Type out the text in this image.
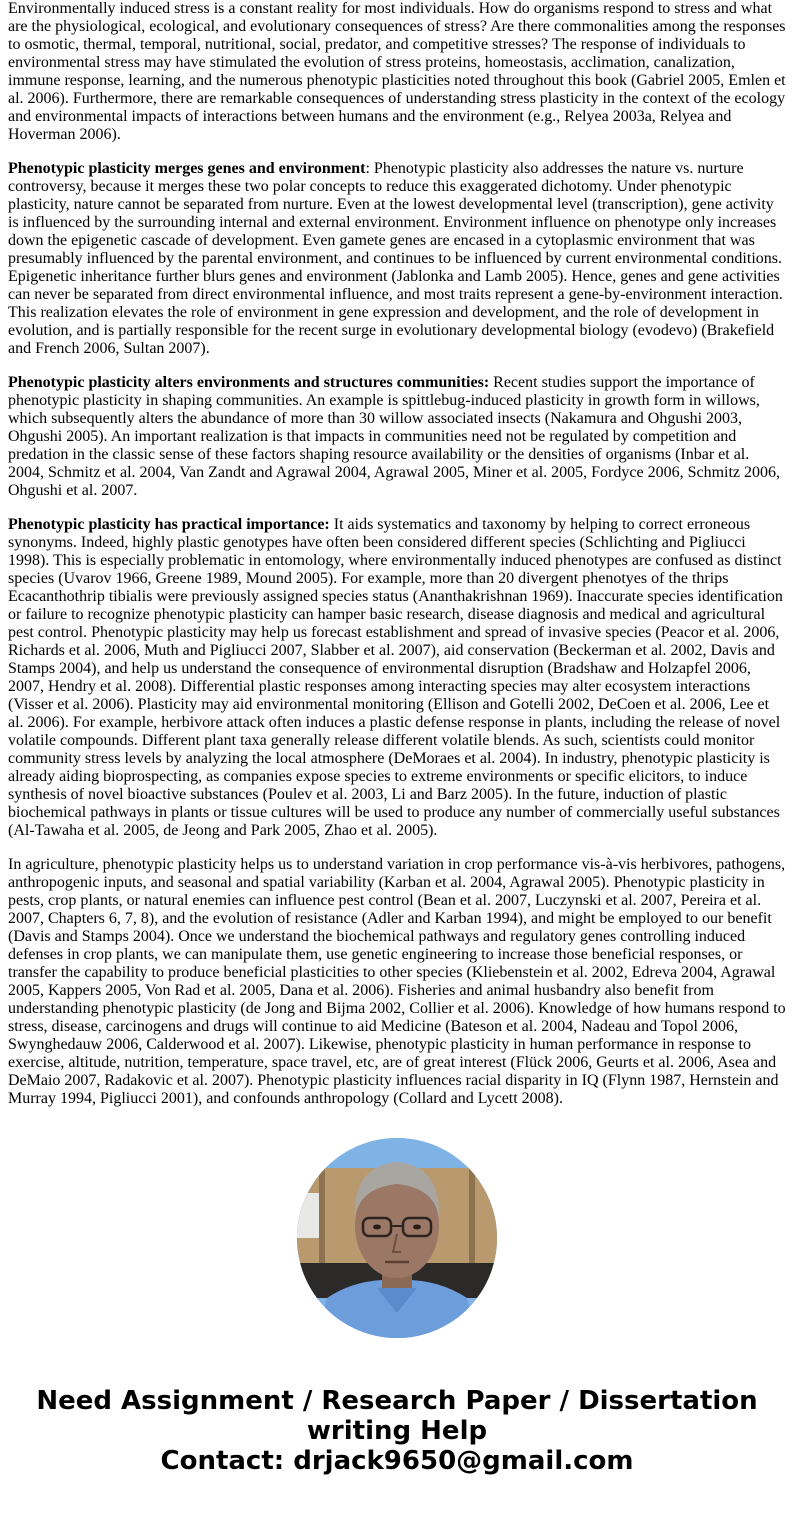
Environmentally induced stress is a constant reality for most individuals. How do organisms respond to stress and what are the physiological, ecological, and evolutionary consequences of stress? Are there commonalities among the responses to osmotic, thermal, temporal, nutritional, social, predator, and competitive stresses? The response of individuals to environmental stress may have stimulated the evolution of stress proteins, homeostasis, acclimation, canalization, immune response, learning, and the numerous phenotypic plasticities noted throughout this book (Gabriel 2005, Emlen et al. 2006). Furthermore, there are remarkable consequences of understanding stress plasticity in the context of the ecology and environmental impacts of interactions between humans and the environment (e.g., Relyea 2003a, Relyea and Hoverman 2006).

Phenotypic plasticity merges genes and environment: Phenotypic plasticity also addresses the nature vs. nurture controversy, because it merges these two polar concepts to reduce this exaggerated dichotomy. Under phenotypic plasticity, nature cannot be separated from nurture. Even at the lowest developmental level (transcription), gene activity is influenced by the surrounding internal and external environment. Environment influence on phenotype only increases down the epigenetic cascade of development. Even gamete genes are encased in a cytoplasmic environment that was presumably influenced by the parental environment, and continues to be influenced by current environmental conditions. Epigenetic inheritance further blurs genes and environment (Jablonka and Lamb 2005). Hence, genes and gene activities can never be separated from direct environmental influence, and most traits represent a gene-by-environment interaction. This realization elevates the role of environment in gene expression and development, and the role of development in evolution, and is partially responsible for the recent surge in evolutionary developmental biology (evodevo) (Brakefield and French 2006, Sultan 2007).

Phenotypic plasticity alters environments and structures communities: Recent studies support the importance of phenotypic plasticity in shaping communities. An example is spittlebug-induced plasticity in growth form in willows, which subsequently alters the abundance of more than 30 willow associated insects (Nakamura and Ohgushi 2003, Ohgushi 2005). An important realization is that impacts in communities need not be regulated by competition and predation in the classic sense of these factors shaping resource availability or the densities of organisms (Inbar et al. 2004, Schmitz et al. 2004, Van Zandt and Agrawal 2004, Agrawal 2005, Miner et al. 2005, Fordyce 2006, Schmitz 2006, Ohgushi et al. 2007.

Phenotypic plasticity has practical importance: It aids systematics and taxonomy by helping to correct erroneous synonyms. Indeed, highly plastic genotypes have often been considered different species (Schlichting and Pigliucci 1998). This is especially problematic in entomology, where environmentally induced phenotypes are confused as distinct species (Uvarov 1966, Greene 1989, Mound 2005). For example, more than 20 divergent phenotyes of the thrips Ecacanthothrip tibialis were previously assigned species status (Ananthakrishnan 1969). Inaccurate species identification or failure to recognize phenotypic plasticity can hamper basic research, disease diagnosis and medical and agricultural pest control. Phenotypic plasticity may help us forecast establishment and spread of invasive species (Peacor et al. 2006, Richards et al. 2006, Muth and Pigliucci 2007, Slabber et al. 2007), aid conservation (Beckerman et al. 2002, Davis and Stamps 2004), and help us understand the consequence of environmental disruption (Bradshaw and Holzapfel 2006, 2007, Hendry et al. 2008). Differential plastic responses among interacting species may alter ecosystem interactions (Visser et al. 2006). Plasticity may aid environmental monitoring (Ellison and Gotelli 2002, DeCoen et al. 2006, Lee et al. 2006). For example, herbivore attack often induces a plastic defense response in plants, including the release of novel volatile compounds. Different plant taxa generally release different volatile blends. As such, scientists could monitor community stress levels by analyzing the local atmosphere (DeMoraes et al. 2004). In industry, phenotypic plasticity is already aiding bioprospecting, as companies expose species to extreme environments or specific elicitors, to induce synthesis of novel bioactive substances (Poulev et al. 2003, Li and Barz 2005). In the future, induction of plastic biochemical pathways in plants or tissue cultures will be used to produce any number of commercially useful substances (Al-Tawaha et al. 2005, de Jeong and Park 2005, Zhao et al. 2005).

In agriculture, phenotypic plasticity helps us to understand variation in crop performance vis-à-vis herbivores, pathogens, anthropogenic inputs, and seasonal and spatial variability (Karban et al. 2004, Agrawal 2005). Phenotypic plasticity in pests, crop plants, or natural enemies can influence pest control (Bean et al. 2007, Luczynski et al. 2007, Pereira et al. 2007, Chapters 6, 7, 8), and the evolution of resistance (Adler and Karban 1994), and might be employed to our benefit (Davis and Stamps 2004). Once we understand the biochemical pathways and regulatory genes controlling induced defenses in crop plants, we can manipulate them, use genetic engineering to increase those beneficial responses, or transfer the capability to produce beneficial plasticities to other species (Kliebenstein et al. 2002, Edreva 2004, Agrawal 2005, Kappers 2005, Von Rad et al. 2005, Dana et al. 2006). Fisheries and animal husbandry also benefit from understanding phenotypic plasticity (de Jong and Bijma 2002, Collier et al. 2006). Knowledge of how humans respond to stress, disease, carcinogens and drugs will continue to aid Medicine (Bateson et al. 2004, Nadeau and Topol 2006, Swynghedauw 2006, Calderwood et al. 2007). Likewise, phenotypic plasticity in human performance in response to exercise, altitude, nutrition, temperature, space travel, etc, are of great interest (Flück 2006, Geurts et al. 2006, Asea and DeMaio 2007, Radakovic et al. 2007). Phenotypic plasticity influences racial disparity in IQ (Flynn 1987, Hernstein and Murray 1994, Pigliucci 2001), and confounds anthropology (Collard and Lycett 2008).

Need Assignment / Research Paper / Dissertation
writing Help
Contact: drjack9650@gmail.com
